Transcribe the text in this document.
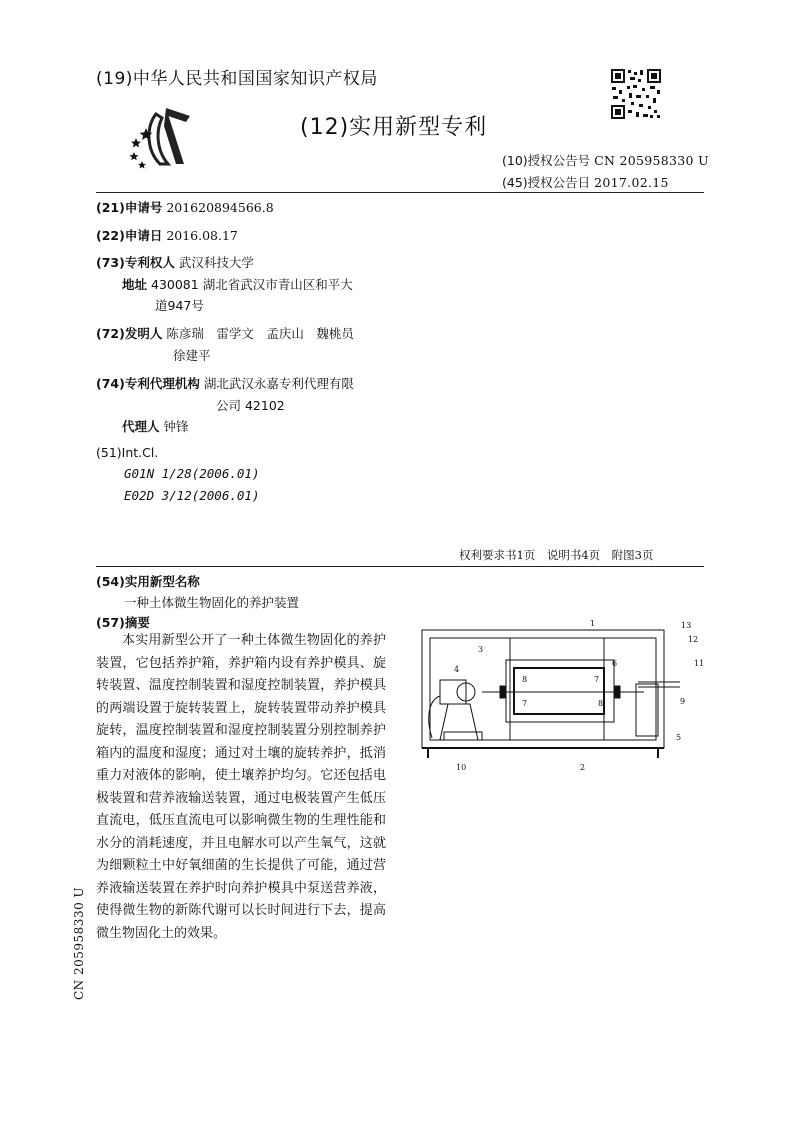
(19)中华人民共和国国家知识产权局
(12)实用新型专利
(10)授权公告号 CN 205958330 U
(45)授权公告日 2017.02.15
(21)申请号 201620894566.8
(22)申请日 2016.08.17
(73)专利权人 武汉科技大学
地址 430081 湖北省武汉市青山区和平大
道947号
(72)发明人 陈彦瑞　雷学文　孟庆山　魏桃员
徐建平
(74)专利代理机构 湖北武汉永嘉专利代理有限
公司 42102
代理人 钟锋
(51)Int.Cl.
G01N 1/28(2006.01)
E02D 3/12(2006.01)
权利要求书1页　说明书4页　附图3页
(54)实用新型名称
一种土体微生物固化的养护装置
(57)摘要
本实用新型公开了一种土体微生物固化的养护装置，它包括养护箱，养护箱内设有养护模具、旋转装置、温度控制装置和湿度控制装置，养护模具的两端设置于旋转装置上，旋转装置带动养护模具旋转，温度控制装置和湿度控制装置分别控制养护箱内的温度和湿度；通过对土壤的旋转养护，抵消重力对液体的影响，使土壤养护均匀。它还包括电极装置和营养液输送装置，通过电极装置产生低压直流电，低压直流电可以影响微生物的生理性能和水分的消耗速度，并且电解水可以产生氧气，这就为细颗粒土中好氧细菌的生长提供了可能，通过营养液输送装置在养护时向养护模具中泵送营养液，使得微生物的新陈代谢可以长时间进行下去，提高微生物固化土的效果。
1	13
12
3
6	11
4
8	7
9
7	8
5
10	2
CN 205958330 U
